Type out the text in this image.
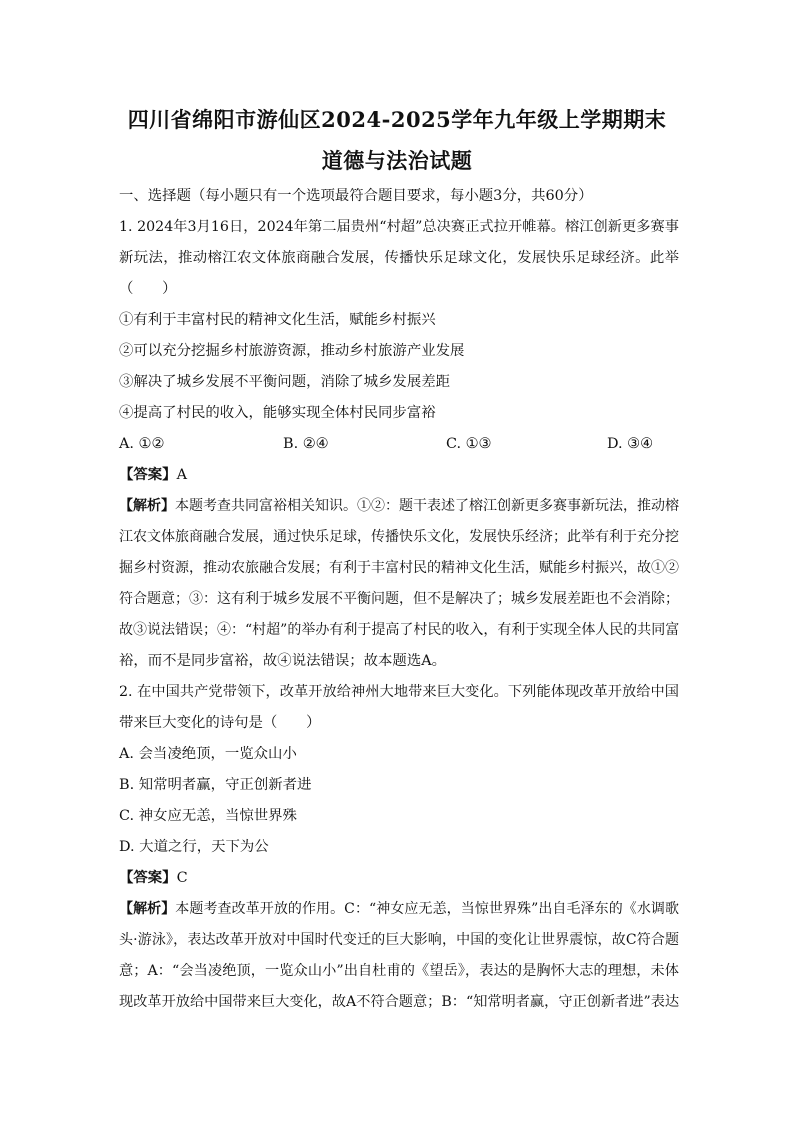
四川省绵阳市游仙区2024-2025学年九年级上学期期末
道德与法治试题
一、选择题（每小题只有一个选项最符合题目要求，每小题3分，共60分）
1. 2024年3月16日，2024年第二届贵州“村超”总决赛正式拉开帷幕。榕江创新更多赛事
新玩法，推动榕江农文体旅商融合发展，传播快乐足球文化，发展快乐足球经济。此举
（　　）
①有利于丰富村民的精神文化生活，赋能乡村振兴
②可以充分挖掘乡村旅游资源，推动乡村旅游产业发展
③解决了城乡发展不平衡问题，消除了城乡发展差距
④提高了村民的收入，能够实现全体村民同步富裕
A. ①②	B. ②④	C. ①③	D. ③④
【答案】A
【解析】本题考查共同富裕相关知识。①②：题干表述了榕江创新更多赛事新玩法，推动榕
江农文体旅商融合发展，通过快乐足球，传播快乐文化，发展快乐经济；此举有利于充分挖
掘乡村资源，推动农旅融合发展；有利于丰富村民的精神文化生活，赋能乡村振兴，故①②
符合题意；③：这有利于城乡发展不平衡问题，但不是解决了；城乡发展差距也不会消除；
故③说法错误；④：“村超”的举办有利于提高了村民的收入，有利于实现全体人民的共同富
裕，而不是同步富裕，故④说法错误；故本题选A。
2. 在中国共产党带领下，改革开放给神州大地带来巨大变化。下列能体现改革开放给中国
带来巨大变化的诗句是（　　）
A. 会当凌绝顶，一览众山小
B. 知常明者赢，守正创新者进
C. 神女应无恙，当惊世界殊
D. 大道之行，天下为公
【答案】C
【解析】本题考查改革开放的作用。C：“神女应无恙，当惊世界殊”出自毛泽东的《水调歌
头·游泳》，表达改革开放对中国时代变迁的巨大影响，中国的变化让世界震惊，故C符合题
意；A：“会当凌绝顶，一览众山小”出自杜甫的《望岳》，表达的是胸怀大志的理想，未体
现改革开放给中国带来巨大变化，故A不符合题意；B：“知常明者赢，守正创新者进”表达
